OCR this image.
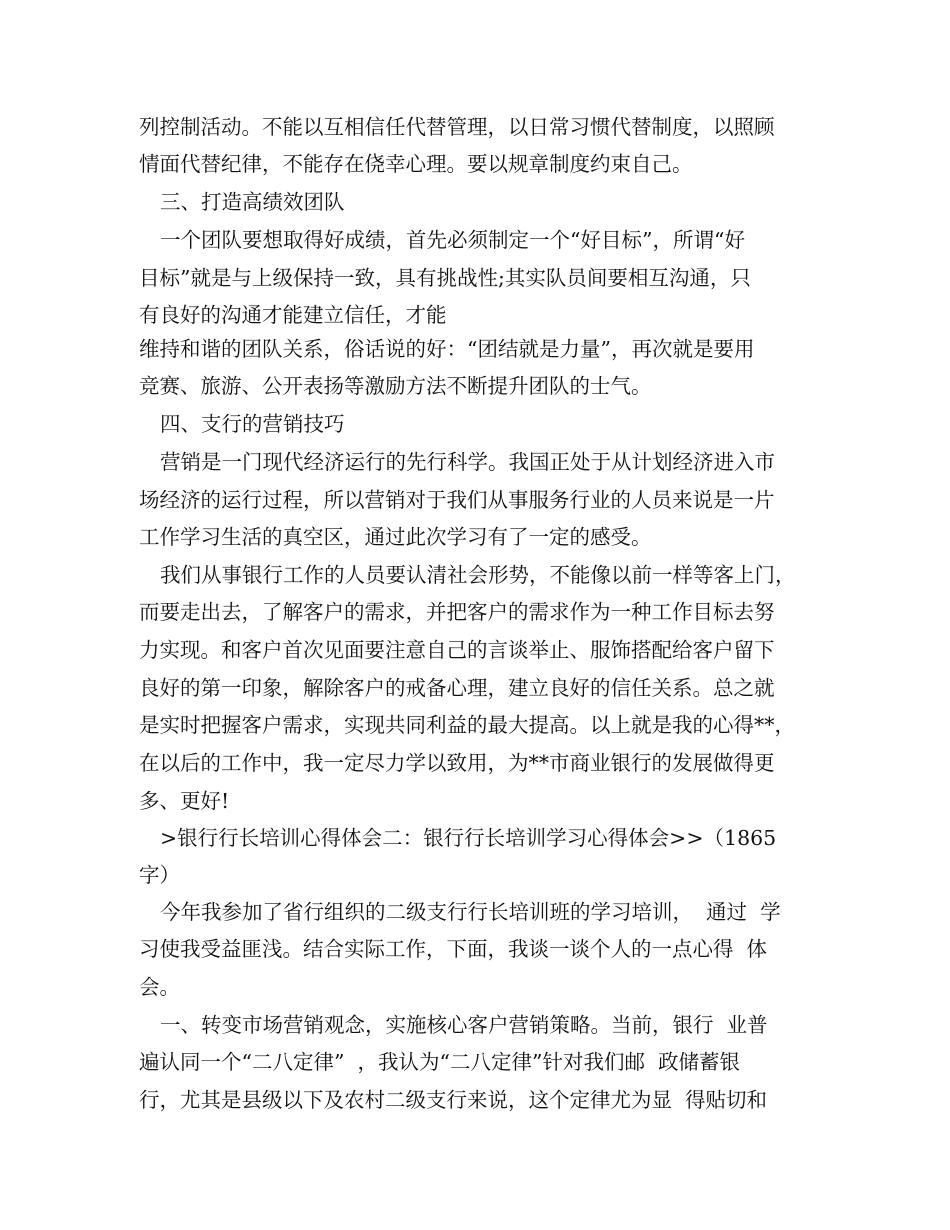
列控制活动。不能以互相信任代替管理，以日常习惯代替制度，以照顾
情面代替纪律，不能存在侥幸心理。要以规章制度约束自己。
三、打造高绩效团队
一个团队要想取得好成绩，首先必须制定一个“好目标”，所谓“好
目标”就是与上级保持一致，具有挑战性;其实队员间要相互沟通，只
有良好的沟通才能建立信任，才能
维持和谐的团队关系，俗话说的好：“团结就是力量”，再次就是要用
竞赛、旅游、公开表扬等激励方法不断提升团队的士气。
四、支行的营销技巧
营销是一门现代经济运行的先行科学。我国正处于从计划经济进入市
场经济的运行过程，所以营销对于我们从事服务行业的人员来说是一片
工作学习生活的真空区，通过此次学习有了一定的感受。
我们从事银行工作的人员要认清社会形势，不能像以前一样等客上门，
而要走出去，了解客户的需求，并把客户的需求作为一种工作目标去努
力实现。和客户首次见面要注意自己的言谈举止、服饰搭配给客户留下
良好的第一印象，解除客户的戒备心理，建立良好的信任关系。总之就
是实时把握客户需求，实现共同利益的最大提高。以上就是我的心得**，
在以后的工作中，我一定尽力学以致用，为**市商业银行的发展做得更
多、更好!
>银行行长培训心得体会二：银行行长培训学习心得体会>>（1865
字）
今年我参加了省行组织的二级支行行长培训班的学习培训，  通过  学
习使我受益匪浅。结合实际工作，下面，我谈一谈个人的一点心得  体
会。
一、转变市场营销观念，实施核心客户营销策略。当前，银行  业普
遍认同一个“二八定律”  ，我认为“二八定律”针对我们邮  政储蓄银
行，尤其是县级以下及农村二级支行来说，这个定律尤为显  得贴切和
